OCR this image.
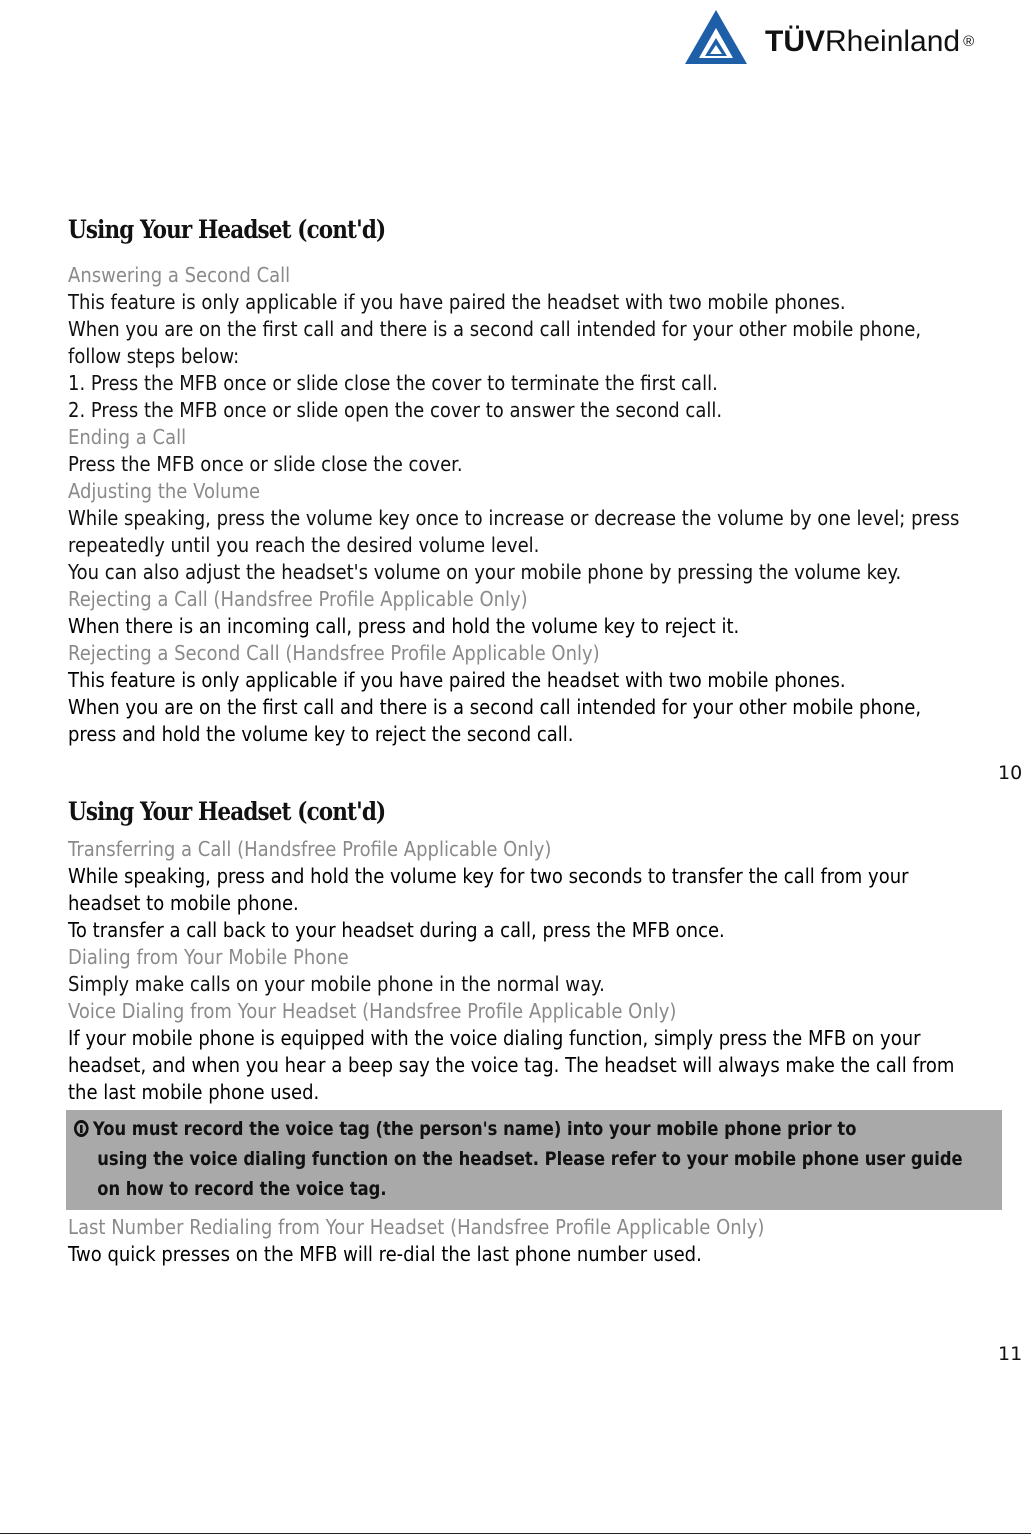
TÜVRheinland ®
Using Your Headset (cont'd)
Answering a Second Call
This feature is only applicable if you have paired the headset with two mobile phones.
When you are on the first call and there is a second call intended for your other mobile phone,
follow steps below:
1. Press the MFB once or slide close the cover to terminate the first call.
2. Press the MFB once or slide open the cover to answer the second call.
Ending a Call
Press the MFB once or slide close the cover.
Adjusting the Volume
While speaking, press the volume key once to increase or decrease the volume by one level; press
repeatedly until you reach the desired volume level.
You can also adjust the headset's volume on your mobile phone by pressing the volume key.
Rejecting a Call (Handsfree Profile Applicable Only)
When there is an incoming call, press and hold the volume key to reject it.
Rejecting a Second Call (Handsfree Profile Applicable Only)
This feature is only applicable if you have paired the headset with two mobile phones.
When you are on the first call and there is a second call intended for your other mobile phone,
press and hold the volume key to reject the second call.
10
Using Your Headset (cont'd)
Transferring a Call (Handsfree Profile Applicable Only)
While speaking, press and hold the volume key for two seconds to transfer the call from your
headset to mobile phone.
To transfer a call back to your headset during a call, press the MFB once.
Dialing from Your Mobile Phone
Simply make calls on your mobile phone in the normal way.
Voice Dialing from Your Headset (Handsfree Profile Applicable Only)
If your mobile phone is equipped with the voice dialing function, simply press the MFB on your
headset, and when you hear a beep say the voice tag. The headset will always make the call from
the last mobile phone used.
You must record the voice tag (the person's name) into your mobile phone prior to
using the voice dialing function on the headset. Please refer to your mobile phone user guide
on how to record the voice tag.
Last Number Redialing from Your Headset (Handsfree Profile Applicable Only)
Two quick presses on the MFB will re-dial the last phone number used.
11
